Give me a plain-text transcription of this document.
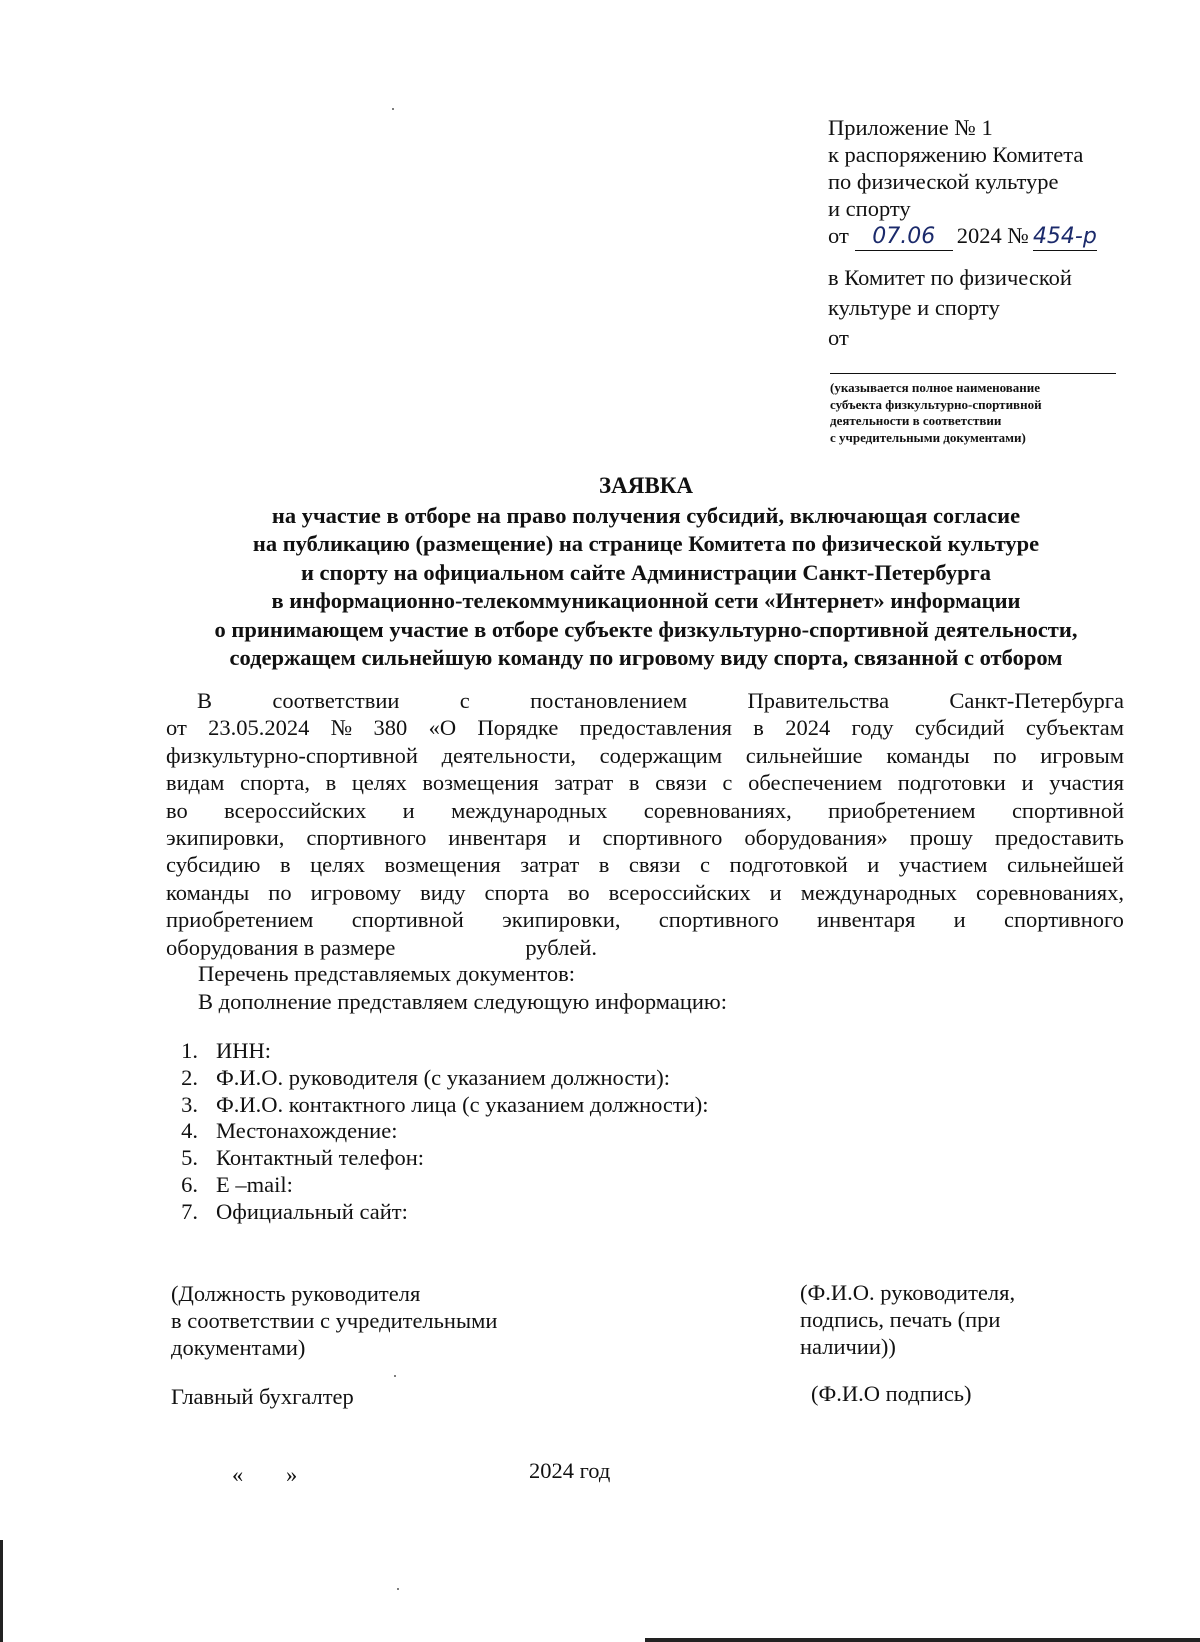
Приложение № 1
к распоряжению Комитета
по физической культуре
и спорту
от 07.06 2024 № 454-р
в Комитет по физической
культуре и спорту
от
(указывается полное наименование
субъекта физкультурно-спортивной
деятельности в соответствии
с учредительными документами)
ЗАЯВКА
на участие в отборе на право получения субсидий, включающая согласие
на публикацию (размещение) на странице Комитета по физической культуре
и спорту на официальном сайте Администрации Санкт-Петербурга
в информационно-телекоммуникационной сети «Интернет» информации
о принимающем участие в отборе субъекте физкультурно-спортивной деятельности,
содержащем сильнейшую команду по игровому виду спорта, связанной с отбором
В	соответствии	с	постановлением	Правительства	Санкт-Петербурга
от 23.05.2024 № 380 «О Порядке предоставления в 2024 году субсидий субъектам
физкультурно-спортивной деятельности, содержащим сильнейшие команды по игровым
видам спорта, в целях возмещения затрат в связи с обеспечением подготовки и участия
во всероссийских и международных соревнованиях, приобретением спортивной
экипировки, спортивного инвентаря и спортивного оборудования» прошу предоставить
субсидию в целях возмещения затрат в связи с подготовкой и участием сильнейшей
команды по игровому виду спорта во всероссийских и международных соревнованиях,
приобретением спортивной экипировки, спортивного инвентаря и спортивного
оборудования в размере	рублей.
Перечень представляемых документов:
В дополнение представляем следующую информацию:
1. ИНН:
2. Ф.И.О. руководителя (с указанием должности):
3. Ф.И.О. контактного лица (с указанием должности):
4. Местонахождение:
5. Контактный телефон:
6. E –mail:
7. Официальный сайт:
(Должность руководителя
в соответствии с учредительными
документами)
(Ф.И.О. руководителя,
подпись, печать (при
наличии))
Главный бухгалтер	(Ф.И.О подпись)
« »	2024 год
